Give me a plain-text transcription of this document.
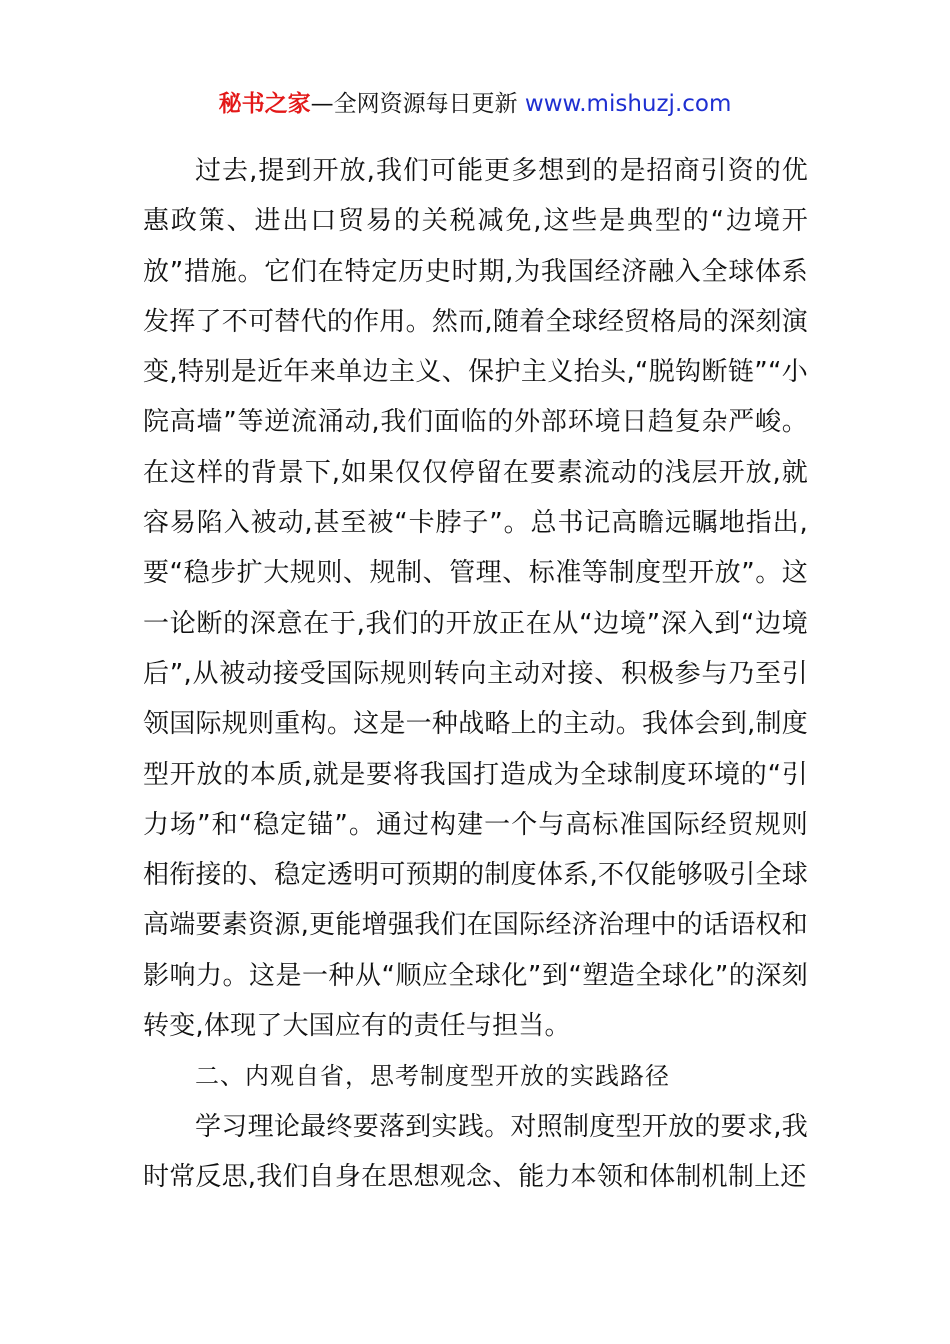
秘书之家—全网资源每日更新 www.mishuzj.com

过去,提到开放,我们可能更多想到的是招商引资的优惠政策、进出口贸易的关税减免,这些是典型的“边境开放”措施。它们在特定历史时期,为我国经济融入全球体系发挥了不可替代的作用。然而,随着全球经贸格局的深刻演变,特别是近年来单边主义、保护主义抬头,“脱钩断链”“小院高墙”等逆流涌动,我们面临的外部环境日趋复杂严峻。在这样的背景下,如果仅仅停留在要素流动的浅层开放,就容易陷入被动,甚至被“卡脖子”。总书记高瞻远瞩地指出,要“稳步扩大规则、规制、管理、标准等制度型开放”。这一论断的深意在于,我们的开放正在从“边境”深入到“边境后”,从被动接受国际规则转向主动对接、积极参与乃至引领国际规则重构。这是一种战略上的主动。我体会到,制度型开放的本质,就是要将我国打造成为全球制度环境的“引力场”和“稳定锚”。通过构建一个与高标准国际经贸规则相衔接的、稳定透明可预期的制度体系,不仅能够吸引全球高端要素资源,更能增强我们在国际经济治理中的话语权和影响力。这是一种从“顺应全球化”到“塑造全球化”的深刻转变,体现了大国应有的责任与担当。

二、内观自省，思考制度型开放的实践路径

学习理论最终要落到实践。对照制度型开放的要求,我时常反思,我们自身在思想观念、能力本领和体制机制上还
